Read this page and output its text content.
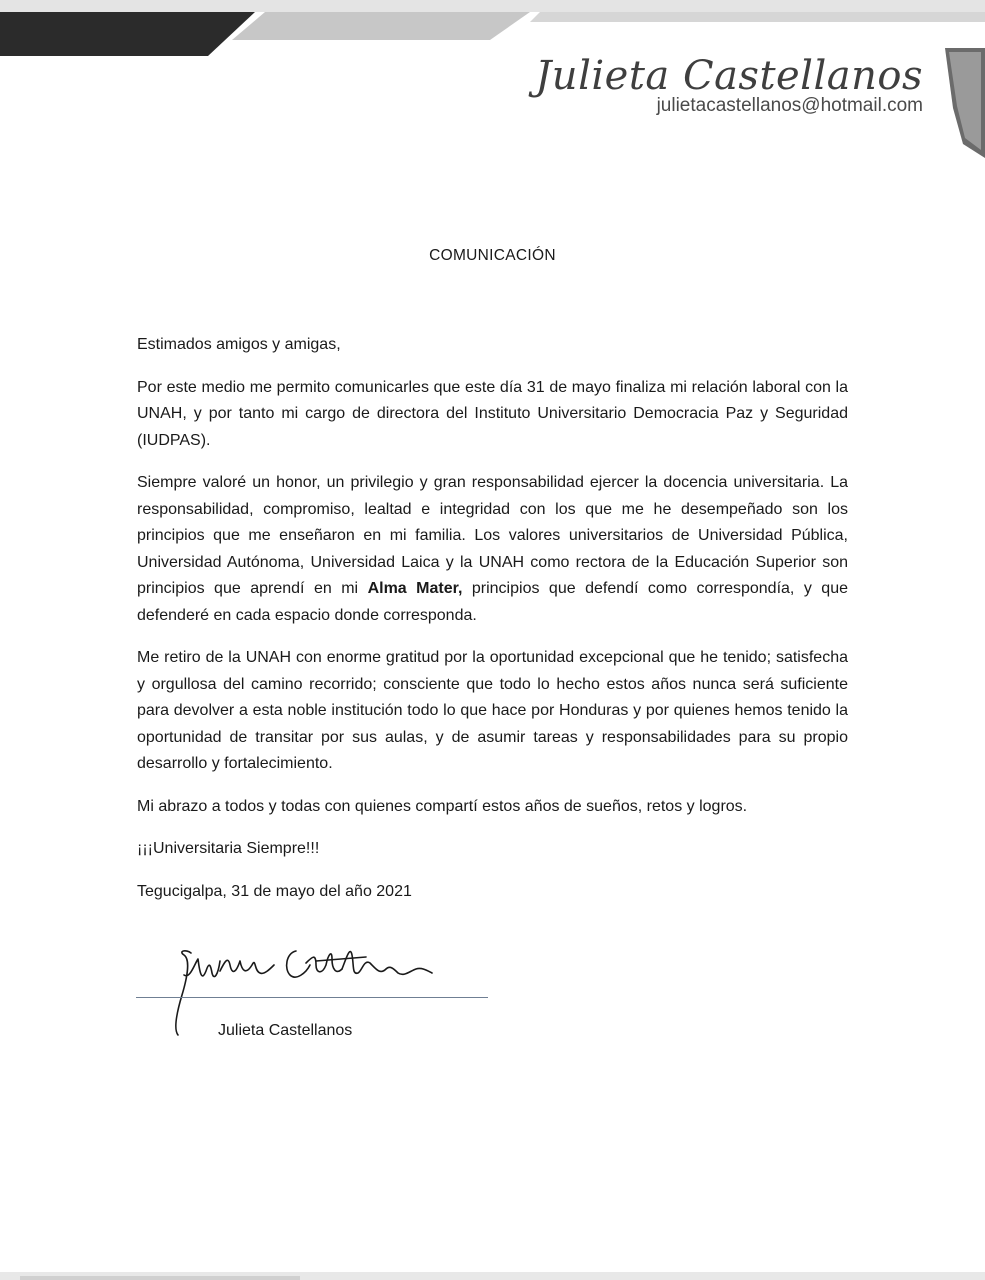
Julieta Castellanos
julietacastellanos@hotmail.com
COMUNICACIÓN

Estimados amigos y amigas,

Por este medio me permito comunicarles que este día 31 de mayo finaliza mi relación laboral con la UNAH, y por tanto mi cargo de directora del Instituto Universitario Democracia Paz y Seguridad (IUDPAS).

Siempre valoré un honor, un privilegio y gran responsabilidad ejercer la docencia universitaria. La responsabilidad, compromiso, lealtad e integridad con los que me he desempeñado son los principios que me enseñaron en mi familia. Los valores universitarios de Universidad Pública, Universidad Autónoma, Universidad Laica y la UNAH como rectora de la Educación Superior son principios que aprendí en mi Alma Mater, principios que defendí como correspondía, y que defenderé en cada espacio donde corresponda.

Me retiro de la UNAH con enorme gratitud por la oportunidad excepcional que he tenido; satisfecha y orgullosa del camino recorrido; consciente que todo lo hecho estos años nunca será suficiente para devolver a esta noble institución todo lo que hace por Honduras y por quienes hemos tenido la oportunidad de transitar por sus aulas, y de asumir tareas y responsabilidades para su propio desarrollo y fortalecimiento.

Mi abrazo a todos y todas con quienes compartí estos años de sueños, retos y logros.

¡¡¡Universitaria Siempre!!!

Tegucigalpa, 31 de mayo del año 2021

Julieta Castellanos
